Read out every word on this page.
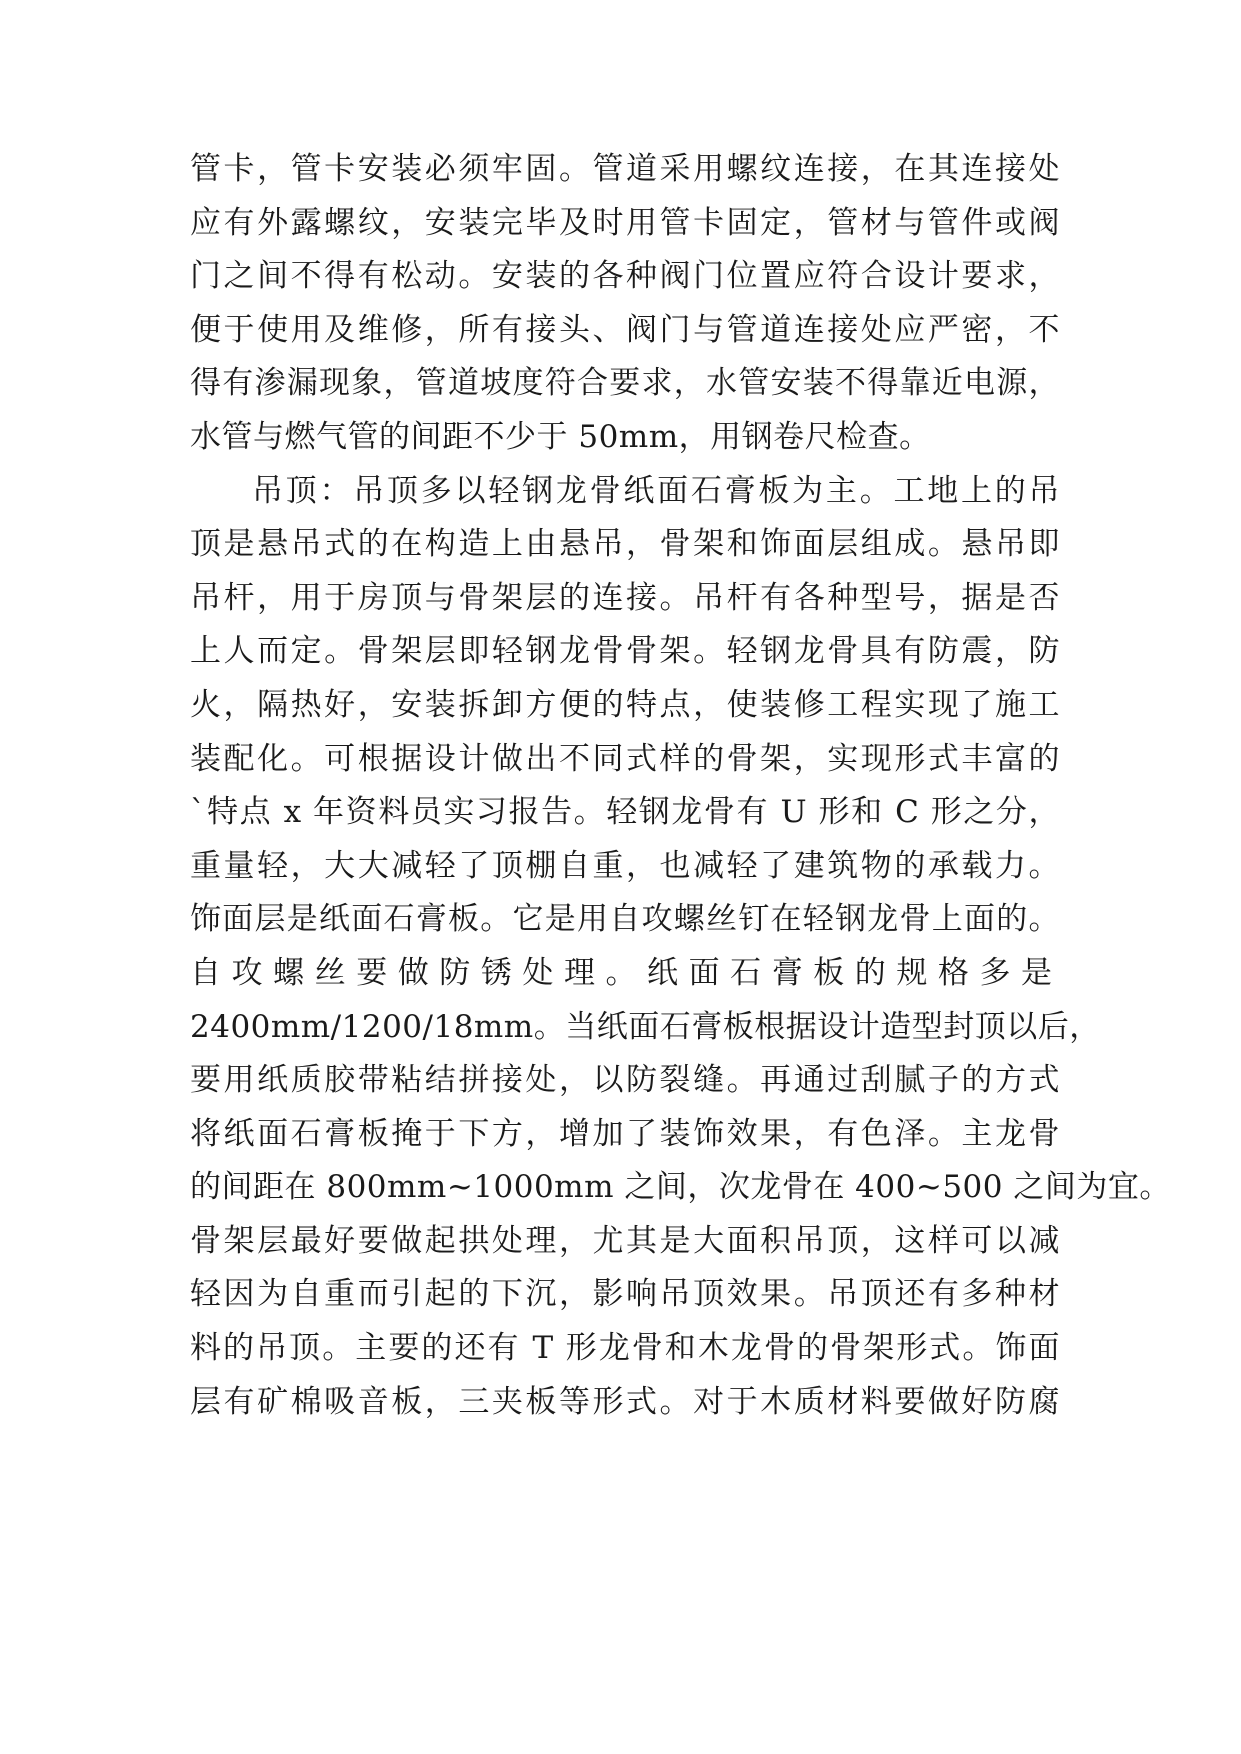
管卡，管卡安装必须牢固。管道采用螺纹连接，在其连接处
应有外露螺纹，安装完毕及时用管卡固定，管材与管件或阀
门之间不得有松动。安装的各种阀门位置应符合设计要求，
便于使用及维修，所有接头、阀门与管道连接处应严密，不
得有渗漏现象，管道坡度符合要求，水管安装不得靠近电源，
水管与燃气管的间距不少于 50mm，用钢卷尺检查。
吊顶：吊顶多以轻钢龙骨纸面石膏板为主。工地上的吊
顶是悬吊式的在构造上由悬吊，骨架和饰面层组成。悬吊即
吊杆，用于房顶与骨架层的连接。吊杆有各种型号，据是否
上人而定。骨架层即轻钢龙骨骨架。轻钢龙骨具有防震，防
火，隔热好，安装拆卸方便的特点，使装修工程实现了施工
装配化。可根据设计做出不同式样的骨架，实现形式丰富的
`特点 x 年资料员实习报告。轻钢龙骨有 U 形和 C 形之分，
重量轻，大大减轻了顶棚自重，也减轻了建筑物的承载力。
饰面层是纸面石膏板。它是用自攻螺丝钉在轻钢龙骨上面的。
自攻螺丝要做防锈处理。纸面石膏板的规格多是
2400mm/1200/18mm。当纸面石膏板根据设计造型封顶以后，
要用纸质胶带粘结拼接处，以防裂缝。再通过刮腻子的方式
将纸面石膏板掩于下方，增加了装饰效果，有色泽。主龙骨
的间距在 800mm~1000mm 之间，次龙骨在 400~500 之间为宜。
骨架层最好要做起拱处理，尤其是大面积吊顶，这样可以减
轻因为自重而引起的下沉，影响吊顶效果。吊顶还有多种材
料的吊顶。主要的还有 T 形龙骨和木龙骨的骨架形式。饰面
层有矿棉吸音板，三夹板等形式。对于木质材料要做好防腐
